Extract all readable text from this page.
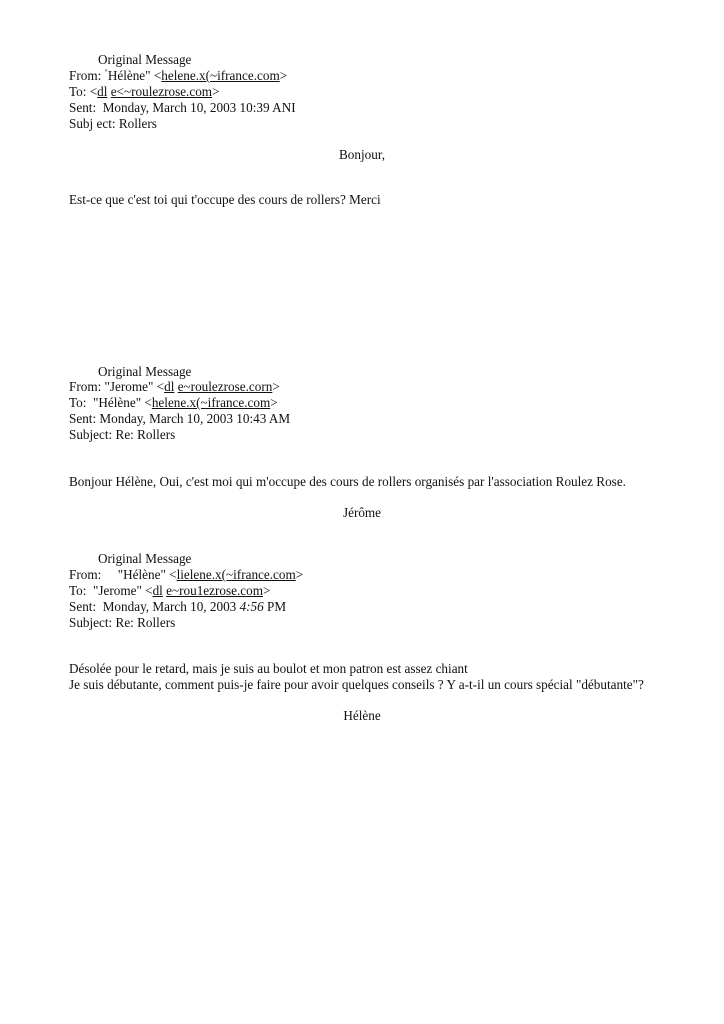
Original Message
From: "Hélène" <helene.x(~ifrance.com>
To: <dl e<~roulezrose.com>
Sent:  Monday, March 10, 2003 10:39 ANI
Subj ect: Rollers
Bonjour,
Est-ce que c'est toi qui t'occupe des cours de rollers? Merci
Original Message
From: "Jerome" <dl e~roulezrose.corn>
To:  "Hélène" <helene.x(~ifrance.com>
Sent: Monday, March 10, 2003 10:43 AM
Subject: Re: Rollers
Bonjour Hélène, Oui, c'est moi qui m'occupe des cours de rollers organisés par l'association Roulez Rose.
Jérôme
Original Message
From:     "Hélène" <lielene.x(~ifrance.com>
To:  "Jerome" <dl e~rou1ezrose.com>
Sent:  Monday, March 10, 2003 4:56 PM
Subject: Re: Rollers
Désolée pour le retard, mais je suis au boulot et mon patron est assez chiant
Je suis débutante, comment puis-je faire pour avoir quelques conseils ? Y a-t-il un cours spécial "débutante"?
Hélène
